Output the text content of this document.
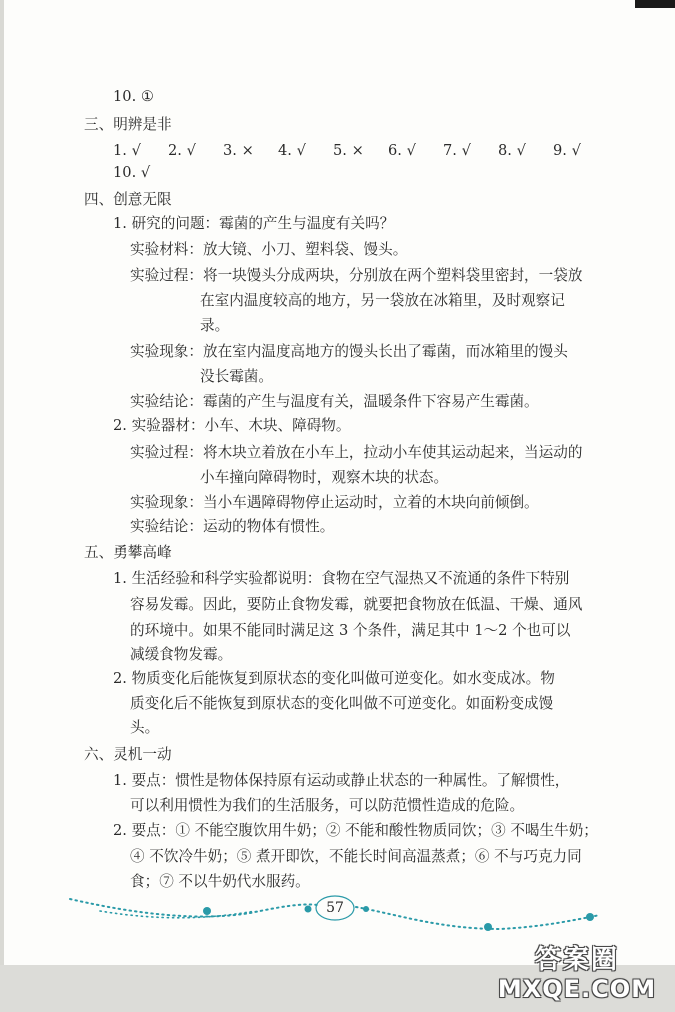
10. ①
三、明辨是非
1. √ 2. √ 3. × 4. √ 5. × 6. √ 7. √ 8. √ 9. √
10. √
四、创意无限
1. 研究的问题：霉菌的产生与温度有关吗？
实验材料：放大镜、小刀、塑料袋、馒头。
实验过程：将一块馒头分成两块，分别放在两个塑料袋里密封，一袋放
在室内温度较高的地方，另一袋放在冰箱里，及时观察记
录。
实验现象：放在室内温度高地方的馒头长出了霉菌，而冰箱里的馒头
没长霉菌。
实验结论：霉菌的产生与温度有关，温暖条件下容易产生霉菌。
2. 实验器材：小车、木块、障碍物。
实验过程：将木块立着放在小车上，拉动小车使其运动起来，当运动的
小车撞向障碍物时，观察木块的状态。
实验现象：当小车遇障碍物停止运动时，立着的木块向前倾倒。
实验结论：运动的物体有惯性。
五、勇攀高峰
1. 生活经验和科学实验都说明：食物在空气湿热又不流通的条件下特别
容易发霉。因此，要防止食物发霉，就要把食物放在低温、干燥、通风
的环境中。如果不能同时满足这 3 个条件，满足其中 1～2 个也可以
减缓食物发霉。
2. 物质变化后能恢复到原状态的变化叫做可逆变化。如水变成冰。物
质变化后不能恢复到原状态的变化叫做不可逆变化。如面粉变成馒
头。
六、灵机一动
1. 要点：惯性是物体保持原有运动或静止状态的一种属性。了解惯性，
可以利用惯性为我们的生活服务，可以防范惯性造成的危险。
2. 要点：① 不能空腹饮用牛奶；② 不能和酸性物质同饮；③ 不喝生牛奶；
④ 不饮冷牛奶；⑤ 煮开即饮，不能长时间高温蒸煮；⑥ 不与巧克力同
食；⑦ 不以牛奶代水服药。
57
答案圈
MXQE.COM
